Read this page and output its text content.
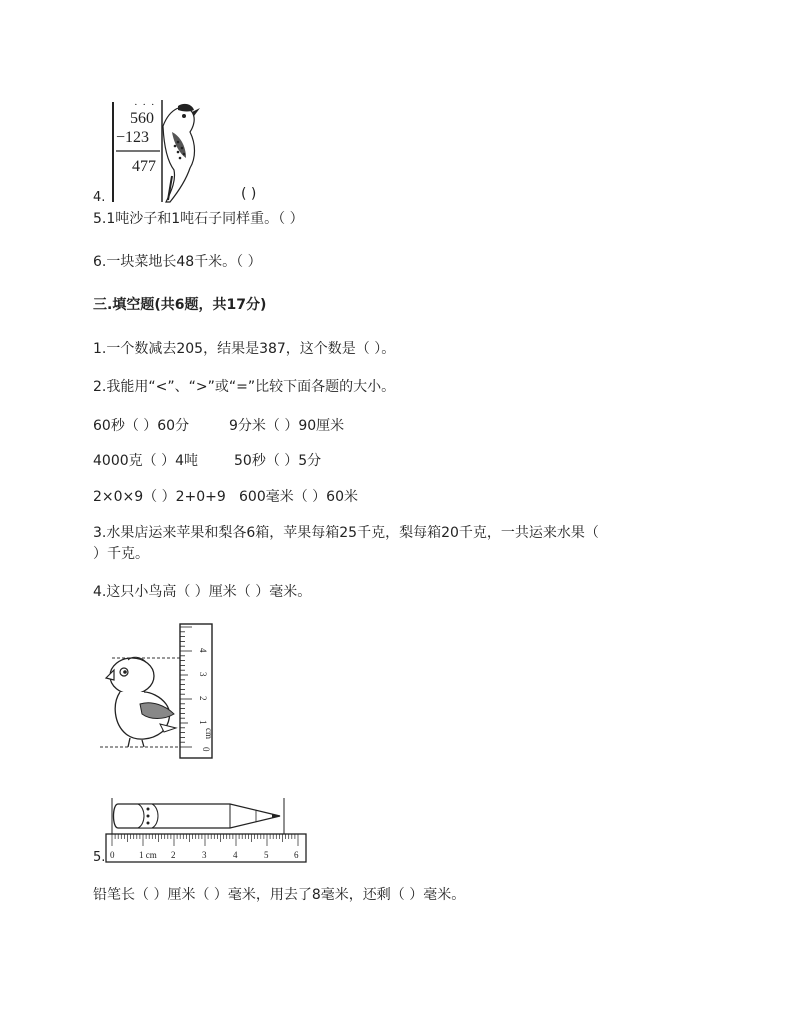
· · ·
560
−123
477
4.	( )
5.1吨沙子和1吨石子同样重。（ ）
6.一块菜地长48千米。（ ）
三.填空题(共6题，共17分)
1.一个数减去205，结果是387，这个数是（ ）。
2.我能用“<”、“>”或“=”比较下面各题的大小。
60秒（ ）60分	9分米（ ）90厘米
4000克（ ）4吨	50秒（ ）5分
2×0×9（ ）2+0+9 600毫米（ ）60米
3.水果店运来苹果和梨各6箱，苹果每箱25千克，梨每箱20千克，一共运来水果（
）千克。
4.这只小鸟高（ ）厘米（ ）毫米。
0
1
2
3
4
cm
0	1 cm 2	3	4	5	6
5.
铅笔长（ ）厘米（ ）毫米，用去了8毫米，还剩（ ）毫米。
